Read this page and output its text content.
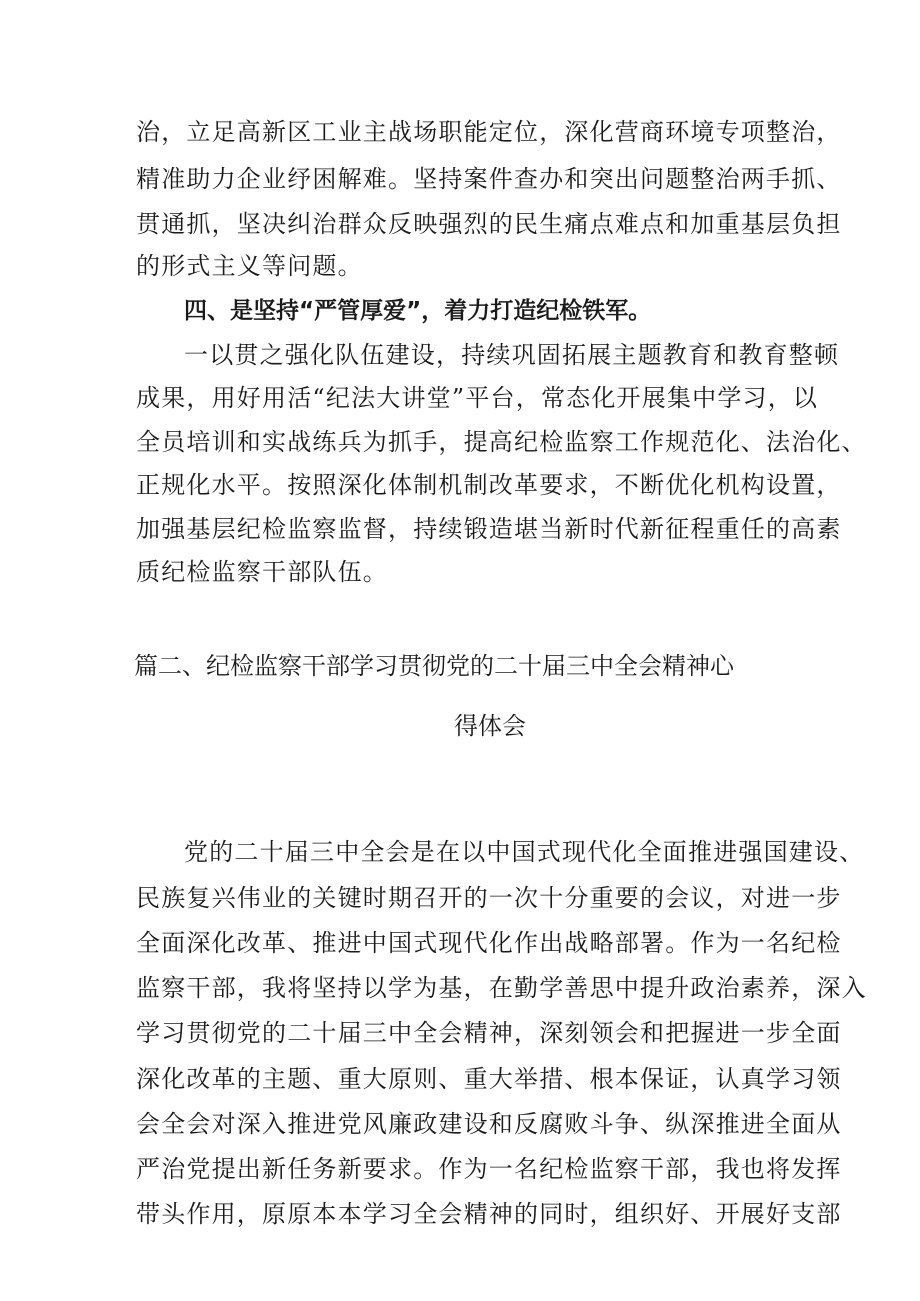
治，立足高新区工业主战场职能定位，深化营商环境专项整治，
精准助力企业纾困解难。坚持案件查办和突出问题整治两手抓、
贯通抓，坚决纠治群众反映强烈的民生痛点难点和加重基层负担
的形式主义等问题。
四、是坚持“严管厚爱”，着力打造纪检铁军。
一以贯之强化队伍建设，持续巩固拓展主题教育和教育整顿
成果，用好用活“纪法大讲堂”平台，常态化开展集中学习，以
全员培训和实战练兵为抓手，提高纪检监察工作规范化、法治化、
正规化水平。按照深化体制机制改革要求，不断优化机构设置，
加强基层纪检监察监督，持续锻造堪当新时代新征程重任的高素
质纪检监察干部队伍。
篇二、纪检监察干部学习贯彻党的二十届三中全会精神心
得体会
党的二十届三中全会是在以中国式现代化全面推进强国建设、
民族复兴伟业的关键时期召开的一次十分重要的会议，对进一步
全面深化改革、推进中国式现代化作出战略部署。作为一名纪检
监察干部，我将坚持以学为基，在勤学善思中提升政治素养，深入
学习贯彻党的二十届三中全会精神，深刻领会和把握进一步全面
深化改革的主题、重大原则、重大举措、根本保证，认真学习领
会全会对深入推进党风廉政建设和反腐败斗争、纵深推进全面从
严治党提出新任务新要求。作为一名纪检监察干部，我也将发挥
带头作用，原原本本学习全会精神的同时，组织好、开展好支部
